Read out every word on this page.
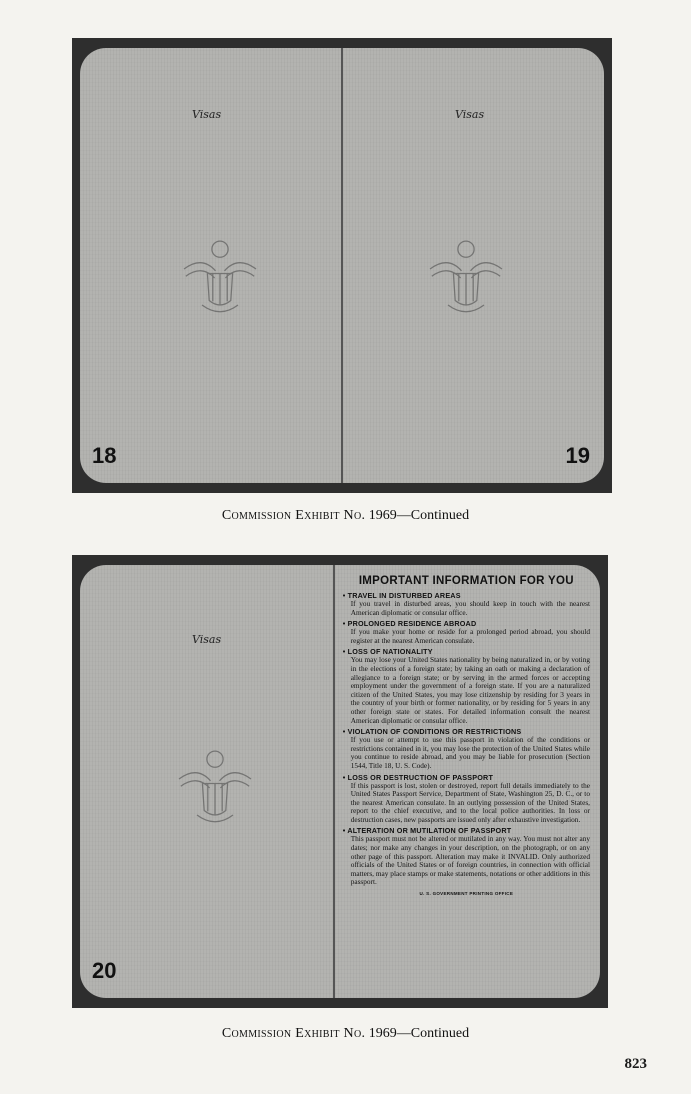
Visas
18
Visas
19
Commission Exhibit No. 1969—Continued
Visas
20
IMPORTANT INFORMATION FOR YOU
• TRAVEL IN DISTURBED AREAS
If you travel in disturbed areas, you should keep in touch with the nearest American diplomatic or consular office.
• PROLONGED RESIDENCE ABROAD
If you make your home or reside for a prolonged period abroad, you should register at the nearest American consulate.
• LOSS OF NATIONALITY
You may lose your United States nationality by being naturalized in, or by voting in the elections of a foreign state; by taking an oath or making a declaration of allegiance to a foreign state; or by serving in the armed forces or accepting employment under the government of a foreign state. If you are a naturalized citizen of the United States, you may lose citizenship by residing for 3 years in the country of your birth or former nationality, or by residing for 5 years in any other foreign state or states. For detailed information consult the nearest American diplomatic or consular office.
• VIOLATION OF CONDITIONS OR RESTRICTIONS
If you use or attempt to use this passport in violation of the conditions or restrictions contained in it, you may lose the protection of the United States while you continue to reside abroad, and you may be liable for prosecution (Section 1544, Title 18, U. S. Code).
• LOSS OR DESTRUCTION OF PASSPORT
If this passport is lost, stolen or destroyed, report full details immediately to the United States Passport Service, Department of State, Washington 25, D. C., or to the nearest American consulate. In an outlying possession of the United States, report to the chief executive, and to the local police authorities. In loss or destruction cases, new passports are issued only after exhaustive investigation.
• ALTERATION OR MUTILATION OF PASSPORT
This passport must not be altered or mutilated in any way. You must not alter any dates; nor make any changes in your description, on the photograph, or on any other page of this passport. Alteration may make it INVALID. Only authorized officials of the United States or of foreign countries, in connection with official matters, may place stamps or make statements, notations or other additions in this passport.
U. S. GOVERNMENT PRINTING OFFICE
Commission Exhibit No. 1969—Continued
823
